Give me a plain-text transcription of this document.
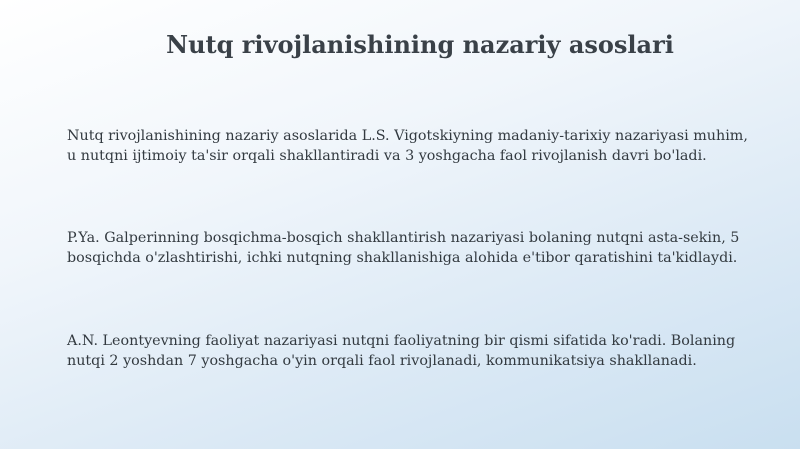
Nutq rivojlanishining nazariy asoslari

Nutq rivojlanishining nazariy asoslarida L.S. Vigotskiyning madaniy-tarixiy nazariyasi muhim, u nutqni ijtimoiy ta'sir orqali shakllantiradi va 3 yoshgacha faol rivojlanish davri bo'ladi.

P.Ya. Galperinning bosqichma-bosqich shakllantirish nazariyasi bolaning nutqni asta-sekin, 5 bosqichda o'zlashtirishi, ichki nutqning shakllanishiga alohida e'tibor qaratishini ta'kidlaydi.

A.N. Leontyevning faoliyat nazariyasi nutqni faoliyatning bir qismi sifatida ko'radi. Bolaning nutqi 2 yoshdan 7 yoshgacha o'yin orqali faol rivojlanadi, kommunikatsiya shakllanadi.
